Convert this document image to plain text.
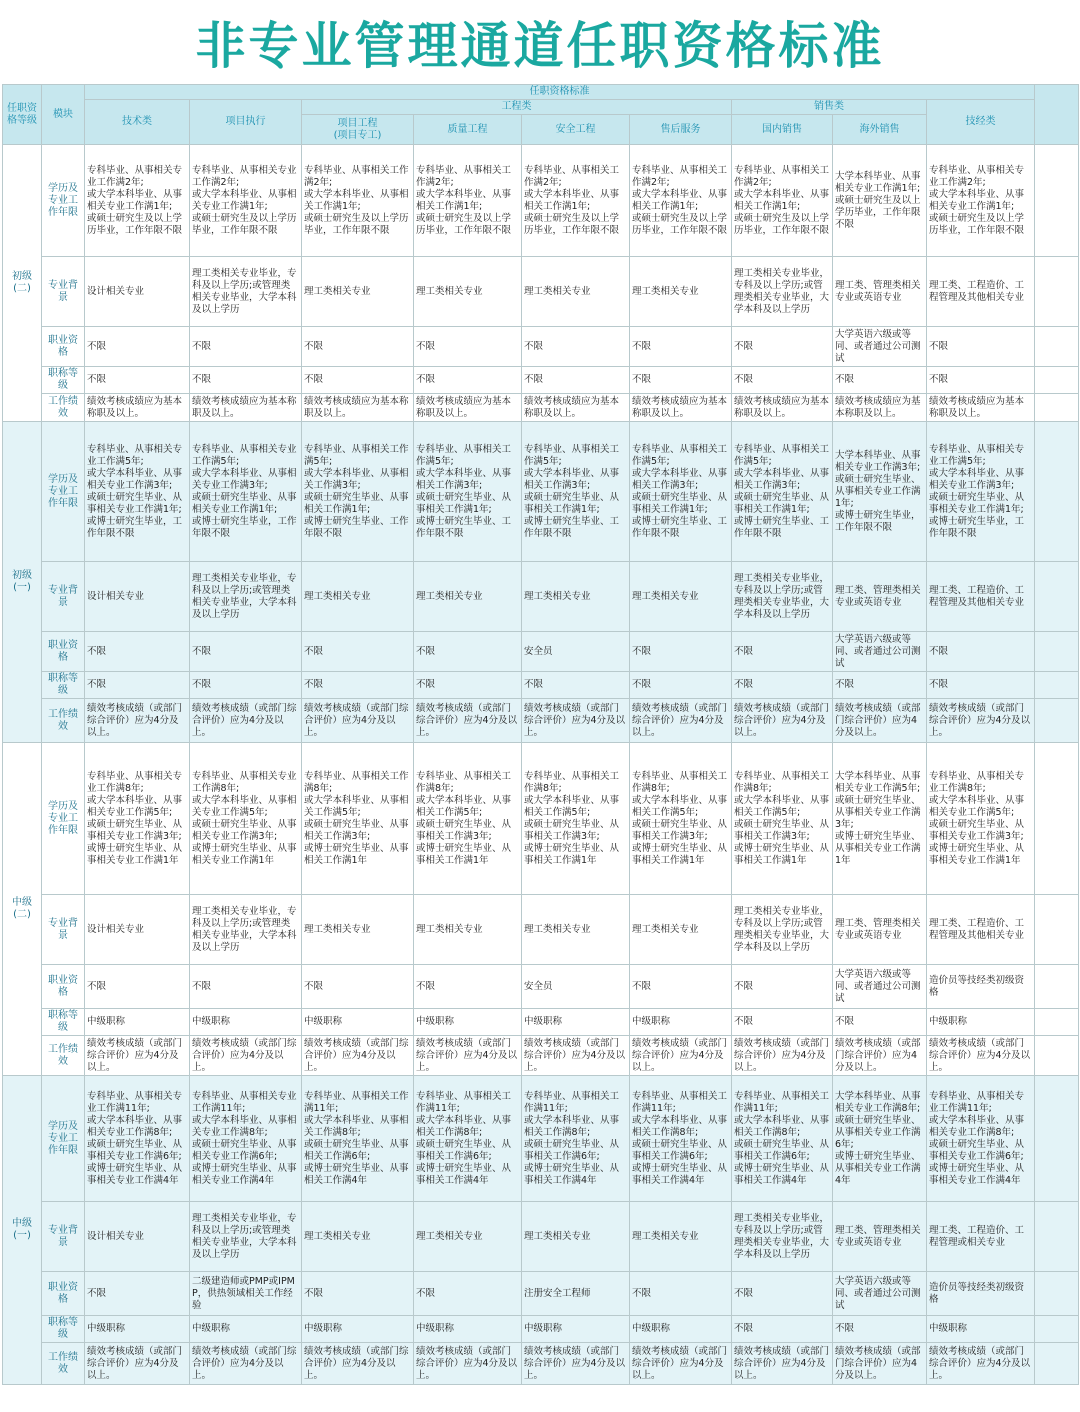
非专业管理通道任职资格标准
任职资格等级	模块	任职资格标准									
		技术类	项目执行	工程类				销售类		技经类	
				项目工程
(项目专工)	质量工程	安全工程	售后服务	国内销售	海外销售		
初级
(二)	学历及专业工作年限	专科毕业、从事相关专业工作满2年;
或大学本科毕业、从事相关专业工作满1年;
或硕士研究生及以上学历毕业，工作年限不限	专科毕业、从事相关专业工作满2年;
或大学本科毕业、从事相关专业工作满1年;
或硕士研究生及以上学历毕业，工作年限不限	专科毕业、从事相关工作满2年;
或大学本科毕业、从事相关工作满1年;
或硕士研究生及以上学历毕业，工作年限不限	专科毕业、从事相关工作满2年;
或大学本科毕业、从事相关工作满1年;
或硕士研究生及以上学历毕业，工作年限不限	专科毕业、从事相关工作满2年;
或大学本科毕业、从事相关工作满1年;
或硕士研究生及以上学历毕业，工作年限不限	专科毕业、从事相关工作满2年;
或大学本科毕业、从事相关工作满1年;
或硕士研究生及以上学历毕业，工作年限不限	专科毕业、从事相关工作满2年;
或大学本科毕业、从事相关工作满1年;
或硕士研究生及以上学历毕业，工作年限不限	大学本科毕业、从事相关专业工作满1年;
或硕士研究生及以上学历毕业，工作年限不限	专科毕业、从事相关专业工作满2年;
或大学本科毕业、从事相关专业工作满1年;
或硕士研究生及以上学历毕业，工作年限不限	
	专业背景	设计相关专业	理工类相关专业毕业，专科及以上学历;或管理类相关专业毕业，大学本科及以上学历	理工类相关专业	理工类相关专业	理工类相关专业	理工类相关专业	理工类相关专业毕业，专科及以上学历;或管理类相关专业毕业，大学本科及以上学历	理工类、管理类相关专业或英语专业	理工类、工程造价、工程管理及其他相关专业	
	职业资格	不限	不限	不限	不限	不限	不限	不限	大学英语六级或等同、或者通过公司测试	不限	
	职称等级	不限	不限	不限	不限	不限	不限	不限	不限	不限	
	工作绩效	绩效考核成绩应为基本称职及以上。	绩效考核成绩应为基本称职及以上。	绩效考核成绩应为基本称职及以上。	绩效考核成绩应为基本称职及以上。	绩效考核成绩应为基本称职及以上。	绩效考核成绩应为基本称职及以上。	绩效考核成绩应为基本称职及以上。	绩效考核成绩应为基本称职及以上。	绩效考核成绩应为基本称职及以上。	
初级
(一)	学历及专业工作年限	专科毕业、从事相关专业工作满5年;
或大学本科毕业、从事相关专业工作满3年;
或硕士研究生毕业、从事相关专业工作满1年;
或博士研究生毕业，工作年限不限	专科毕业、从事相关专业工作满5年;
或大学本科毕业、从事相关专业工作满3年;
或硕士研究生毕业、从事相关专业工作满1年;
或博士研究生毕业，工作年限不限	专科毕业、从事相关工作满5年;
或大学本科毕业、从事相关工作满3年;
或硕士研究生毕业、从事相关工作满1年;
或博士研究生毕业、工作年限不限	专科毕业、从事相关工作满5年;
或大学本科毕业、从事相关工作满3年;
或硕士研究生毕业、从事相关工作满1年;
或博士研究生毕业、工作年限不限	专科毕业、从事相关工作满5年;
或大学本科毕业、从事相关工作满3年;
或硕士研究生毕业、从事相关工作满1年;
或博士研究生毕业、工作年限不限	专科毕业、从事相关工作满5年;
或大学本科毕业、从事相关工作满3年;
或硕士研究生毕业、从事相关工作满1年;
或博士研究生毕业、工作年限不限	专科毕业、从事相关工作满5年;
或大学本科毕业、从事相关工作满3年;
或硕士研究生毕业、从事相关工作满1年;
或博士研究生毕业、工作年限不限	大学本科毕业、从事相关专业工作满3年;
或硕士研究生毕业、从事相关专业工作满1年;
或博士研究生毕业，工作年限不限	专科毕业、从事相关专业工作满5年;
或大学本科毕业、从事相关专业工作满3年;
或硕士研究生毕业、从事相关专业工作满1年;
或博士研究生毕业，工作年限不限	
	专业背景	设计相关专业	理工类相关专业毕业，专科及以上学历;或管理类相关专业毕业，大学本科及以上学历	理工类相关专业	理工类相关专业	理工类相关专业	理工类相关专业	理工类相关专业毕业，专科及以上学历;或管理类相关专业毕业，大学本科及以上学历	理工类、管理类相关专业或英语专业	理工类、工程造价、工程管理及其他相关专业	
	职业资格	不限	不限	不限	不限	安全员	不限	不限	大学英语六级或等同、或者通过公司测试	不限	
	职称等级	不限	不限	不限	不限	不限	不限	不限	不限	不限	
	工作绩效	绩效考核成绩（或部门综合评价）应为4分及以上。	绩效考核成绩（或部门综合评价）应为4分及以上。	绩效考核成绩（或部门综合评价）应为4分及以上。	绩效考核成绩（或部门综合评价）应为4分及以上。	绩效考核成绩（或部门综合评价）应为4分及以上。	绩效考核成绩（或部门综合评价）应为4分及以上。	绩效考核成绩（或部门综合评价）应为4分及以上。	绩效考核成绩（或部门综合评价）应为4分及以上。	绩效考核成绩（或部门综合评价）应为4分及以上。	
中级
(二)	学历及专业工作年限	专科毕业、从事相关专业工作满8年;
或大学本科毕业、从事相关专业工作满5年;
或硕士研究生毕业、从事相关专业工作满3年;
或博士研究生毕业、从事相关专业工作满1年	专科毕业、从事相关专业工作满8年;
或大学本科毕业、从事相关专业工作满5年;
或硕士研究生毕业、从事相关专业工作满3年;
或博士研究生毕业、从事相关专业工作满1年	专科毕业、从事相关工作满8年;
或大学本科毕业、从事相关工作满5年;
或硕士研究生毕业、从事相关工作满3年;
或博士研究生毕业、从事相关工作满1年	专科毕业、从事相关工作满8年;
或大学本科毕业、从事相关工作满5年;
或硕士研究生毕业、从事相关工作满3年;
或博士研究生毕业、从事相关工作满1年	专科毕业、从事相关工作满8年;
或大学本科毕业、从事相关工作满5年;
或硕士研究生毕业、从事相关工作满3年;
或博士研究生毕业、从事相关工作满1年	专科毕业、从事相关工作满8年;
或大学本科毕业、从事相关工作满5年;
或硕士研究生毕业、从事相关工作满3年;
或博士研究生毕业、从事相关工作满1年	专科毕业、从事相关工作满8年;
或大学本科毕业、从事相关工作满5年;
或硕士研究生毕业、从事相关工作满3年;
或博士研究生毕业、从事相关工作满1年	大学本科毕业、从事相关专业工作满5年;
或硕士研究生毕业、从事相关专业工作满3年;
或博士研究生毕业、从事相关专业工作满1年	专科毕业、从事相关专业工作满8年;
或大学本科毕业、从事相关专业工作满5年;
或硕士研究生毕业、从事相关专业工作满3年;
或博士研究生毕业、从事相关专业工作满1年	
	专业背景	设计相关专业	理工类相关专业毕业，专科及以上学历;或管理类相关专业毕业，大学本科及以上学历	理工类相关专业	理工类相关专业	理工类相关专业	理工类相关专业	理工类相关专业毕业，专科及以上学历;或管理类相关专业毕业，大学本科及以上学历	理工类、管理类相关专业或英语专业	理工类、工程造价、工程管理及其他相关专业	
	职业资格	不限	不限	不限	不限	安全员	不限	不限	大学英语六级或等同、或者通过公司测试	造价员等技经类初级资格	
	职称等级	中级职称	中级职称	中级职称	中级职称	中级职称	中级职称	不限	不限	中级职称	
	工作绩效	绩效考核成绩（或部门综合评价）应为4分及以上。	绩效考核成绩（或部门综合评价）应为4分及以上。	绩效考核成绩（或部门综合评价）应为4分及以上。	绩效考核成绩（或部门综合评价）应为4分及以上。	绩效考核成绩（或部门综合评价）应为4分及以上。	绩效考核成绩（或部门综合评价）应为4分及以上。	绩效考核成绩（或部门综合评价）应为4分及以上。	绩效考核成绩（或部门综合评价）应为4分及以上。	绩效考核成绩（或部门综合评价）应为4分及以上。	
中级
(一)	学历及专业工作年限	专科毕业、从事相关专业工作满11年;
或大学本科毕业、从事相关专业工作满8年;
或硕士研究生毕业、从事相关专业工作满6年;
或博士研究生毕业、从事相关专业工作满4年	专科毕业、从事相关专业工作满11年;
或大学本科毕业、从事相关专业工作满8年;
或硕士研究生毕业、从事相关专业工作满6年;
或博士研究生毕业、从事相关专业工作满4年	专科毕业、从事相关工作满11年;
或大学本科毕业、从事相关工作满8年;
或硕士研究生毕业、从事相关工作满6年;
或博士研究生毕业、从事相关工作满4年	专科毕业、从事相关工作满11年;
或大学本科毕业、从事相关工作满8年;
或硕士研究生毕业、从事相关工作满6年;
或博士研究生毕业、从事相关工作满4年	专科毕业、从事相关工作满11年;
或大学本科毕业、从事相关工作满8年;
或硕士研究生毕业、从事相关工作满6年;
或博士研究生毕业、从事相关工作满4年	专科毕业、从事相关工作满11年;
或大学本科毕业、从事相关工作满8年;
或硕士研究生毕业、从事相关工作满6年;
或博士研究生毕业、从事相关工作满4年	专科毕业、从事相关工作满11年;
或大学本科毕业、从事相关工作满8年;
或硕士研究生毕业、从事相关工作满6年;
或博士研究生毕业、从事相关工作满4年	大学本科毕业、从事相关专业工作满8年;
或硕士研究生毕业、从事相关专业工作满6年;
或博士研究生毕业、从事相关专业工作满4年	专科毕业、从事相关专业工作满11年;
或大学本科毕业、从事相关专业工作满8年;
或硕士研究生毕业、从事相关专业工作满6年;
或博士研究生毕业、从事相关专业工作满4年	
	专业背景	设计相关专业	理工类相关专业毕业，专科及以上学历;或管理类相关专业毕业，大学本科及以上学历	理工类相关专业	理工类相关专业	理工类相关专业	理工类相关专业	理工类相关专业毕业，专科及以上学历;或管理类相关专业毕业，大学本科及以上学历	理工类、管理类相关专业或英语专业	理工类、工程造价、工程管理或相关专业	
	职业资格	不限	二级建造师或PMP或IPMP，供热领域相关工作经验	不限	不限	注册安全工程师	不限	不限	大学英语六级或等同、或者通过公司测试	造价员等技经类初级资格	
	职称等级	中级职称	中级职称	中级职称	中级职称	中级职称	中级职称	不限	不限	中级职称	
	工作绩效	绩效考核成绩（或部门综合评价）应为4分及以上。	绩效考核成绩（或部门综合评价）应为4分及以上。	绩效考核成绩（或部门综合评价）应为4分及以上。	绩效考核成绩（或部门综合评价）应为4分及以上。	绩效考核成绩（或部门综合评价）应为4分及以上。	绩效考核成绩（或部门综合评价）应为4分及以上。	绩效考核成绩（或部门综合评价）应为4分及以上。	绩效考核成绩（或部门综合评价）应为4分及以上。	绩效考核成绩（或部门综合评价）应为4分及以上。	
